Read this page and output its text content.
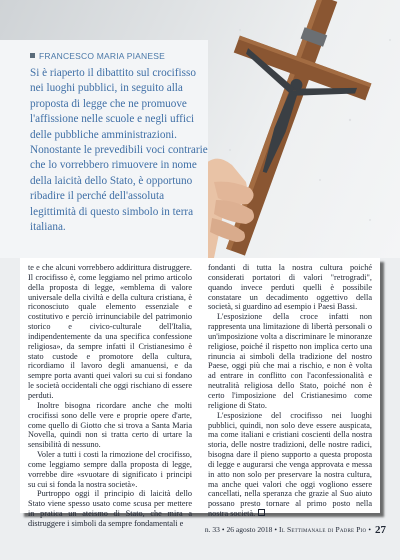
FRANCESCO MARIA PIANESE
Si è riaperto il dibattito sul crocifisso nei luoghi pubblici, in seguito alla proposta di legge che ne promuove l'affissione nelle scuole e negli uffici delle pubbliche amministrazioni. Nonostante le prevedibili voci contrarie che lo vorrebbero rimuovere in nome della laicità dello Stato, è opportuno ribadire il perché dell'assoluta legittimità di questo simbolo in terra italiana.

te e che alcuni vorrebbero addirittura distruggere. Il crocifisso è, come leggiamo nel primo articolo della proposta di legge, «emblema di valore universale della civiltà e della cultura cristiana, è riconosciuto quale elemento essenziale e costitutivo e perciò irrinunciabile del patrimonio storico e civico-culturale dell'Italia, indipendentemente da una specifica confessione religiosa», da sempre infatti il Cristianesimo è stato custode e promotore della cultura, ricordiamo il lavoro degli amanuensi, e da sempre porta avanti quei valori su cui si fondano le società occidentali che oggi rischiano di essere perduti.

Inoltre bisogna ricordare anche che molti crocifissi sono delle vere e proprie opere d'arte, come quello di Giotto che si trova a Santa Maria Novella, quindi non si tratta certo di urtare la sensibilità di nessuno.

Voler a tutti i costi la rimozione del crocifisso, come leggiamo sempre dalla proposta di legge, vorrebbe dire «svuotare di significato i principi su cui si fonda la nostra società».

Purtroppo oggi il principio di laicità dello Stato viene spesso usato come scusa per mettere in pratica un ateismo di Stato, che mira a distruggere i simboli da sempre fondamentali e

fondanti di tutta la nostra cultura poiché considerati portatori di valori "retrogradi", quando invece perduti quelli è possibile constatare un decadimento oggettivo della società, si guardino ad esempio i Paesi Bassi.

L'esposizione della croce infatti non rappresenta una limitazione di libertà personali o un'imposizione volta a discriminare le minoranze religiose, poiché il rispetto non implica certo una rinuncia ai simboli della tradizione del nostro Paese, oggi più che mai a rischio, e non è volta ad entrare in conflitto con l'aconfessionalità e neutralità religiosa dello Stato, poiché non è certo l'imposizione del Cristianesimo come religione di Stato.

L'esposizione del crocifisso nei luoghi pubblici, quindi, non solo deve essere auspicata, ma come italiani e cristiani coscienti della nostra storia, delle nostre tradizioni, delle nostre radici, bisogna dare il pieno supporto a questa proposta di legge e augurarsi che venga approvata e messa in atto non solo per preservare la nostra cultura, ma anche quei valori che oggi vogliono essere cancellati, nella speranza che grazie al Suo aiuto possano presto tornare al primo posto nella nostra società.

n. 33 • 26 agosto 2018 • Il Settimanale di Padre Pio • 27
